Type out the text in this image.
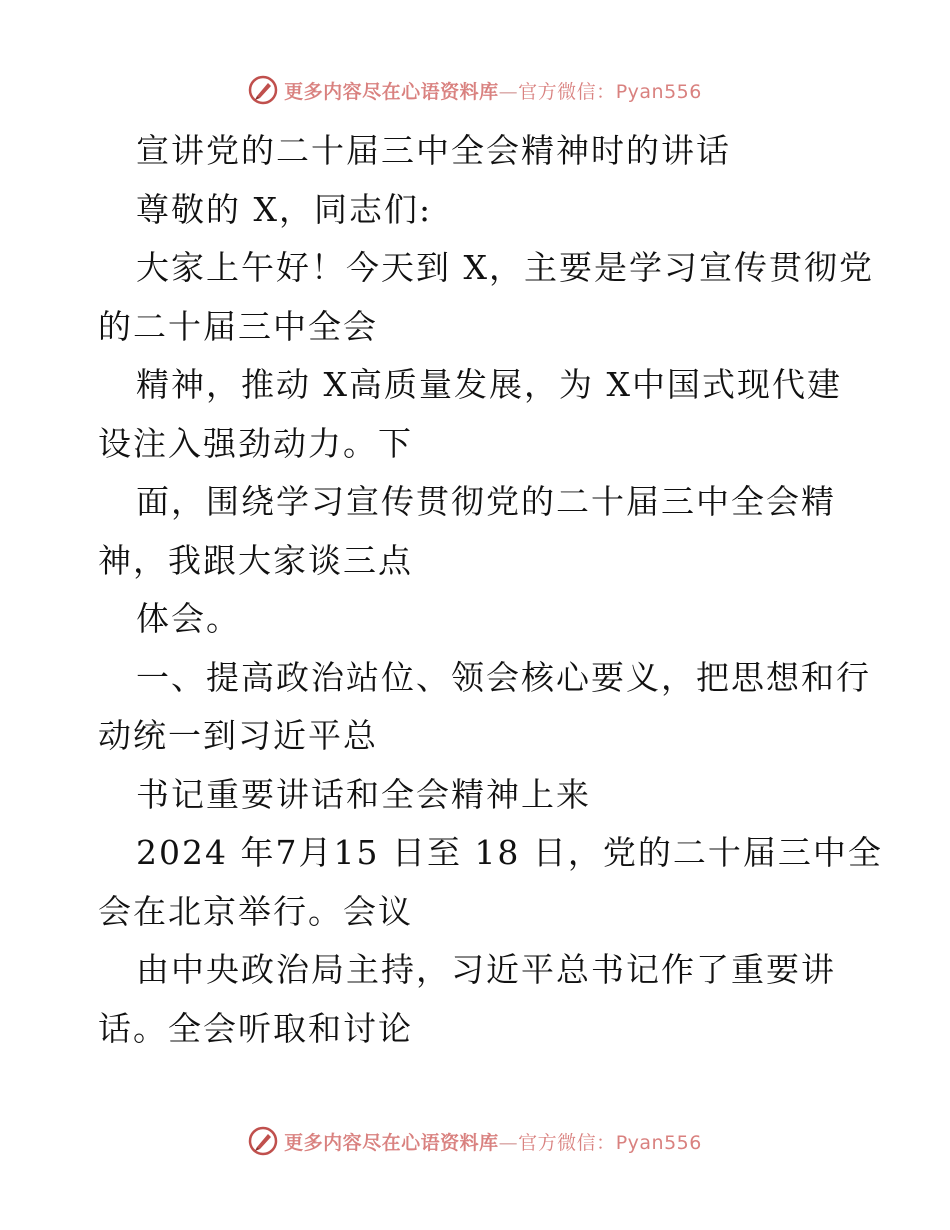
更多内容尽在心语资料库—官方微信：Pyan556
宣讲党的二十届三中全会精神时的讲话
尊敬的 X，同志们:
大家上午好！今天到 X，主要是学习宣传贯彻党
的二十届三中全会
精神，推动 X高质量发展，为 X中国式现代建
设注入强劲动力。下
面，围绕学习宣传贯彻党的二十届三中全会精
神，我跟大家谈三点
体会。
一、提高政治站位、领会核心要义，把思想和行
动统一到习近平总
书记重要讲话和全会精神上来
2024 年7月15 日至 18 日，党的二十届三中全
会在北京举行。会议
由中央政治局主持，习近平总书记作了重要讲
话。全会听取和讨论
更多内容尽在心语资料库—官方微信：Pyan556
